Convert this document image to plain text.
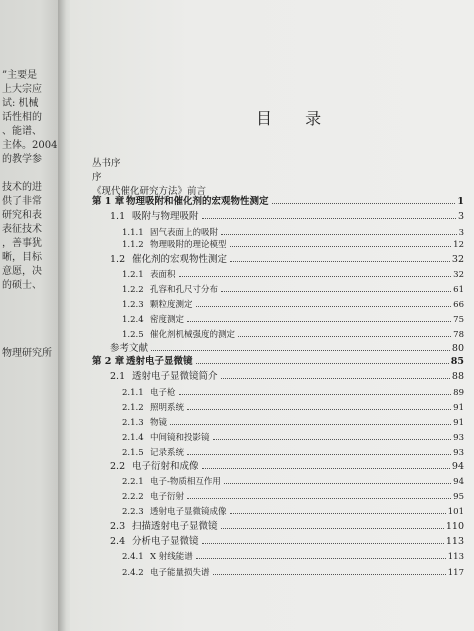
”主要是
上大宗应
试: 机械
话性相的
、能谱、
主体。2004
的教学参
技术的进
供了非常
研究和表
表征技术
，善事犹
晰，目标
意愿，决
的硕士、
物理研究所
目 录
丛书序
序
《现代催化研究方法》前言
第 1 章 物理吸附和催化剂的宏观物性测定	1
1.1 吸附与物理吸附	3
1.1.1 固气表面上的吸附	3
1.1.2 物理吸附的理论模型	12
1.2 催化剂的宏观物性测定	32
1.2.1 表面积	32
1.2.2 孔容和孔尺寸分布	61
1.2.3 颗粒度测定	66
1.2.4 密度测定	75
1.2.5 催化剂机械强度的测定	78
参考文献	80
第 2 章 透射电子显微镜	85
2.1 透射电子显微镜简介	88
2.1.1 电子枪	89
2.1.2 照明系统	91
2.1.3 物镜	91
2.1.4 中间镜和投影镜	93
2.1.5 记录系统	93
2.2 电子衍射和成像	94
2.2.1 电子-物质相互作用	94
2.2.2 电子衍射	95
2.2.3 透射电子显微镜成像	101
2.3 扫描透射电子显微镜	110
2.4 分析电子显微镜	113
2.4.1 X 射线能谱	113
2.4.2 电子能量损失谱	117
